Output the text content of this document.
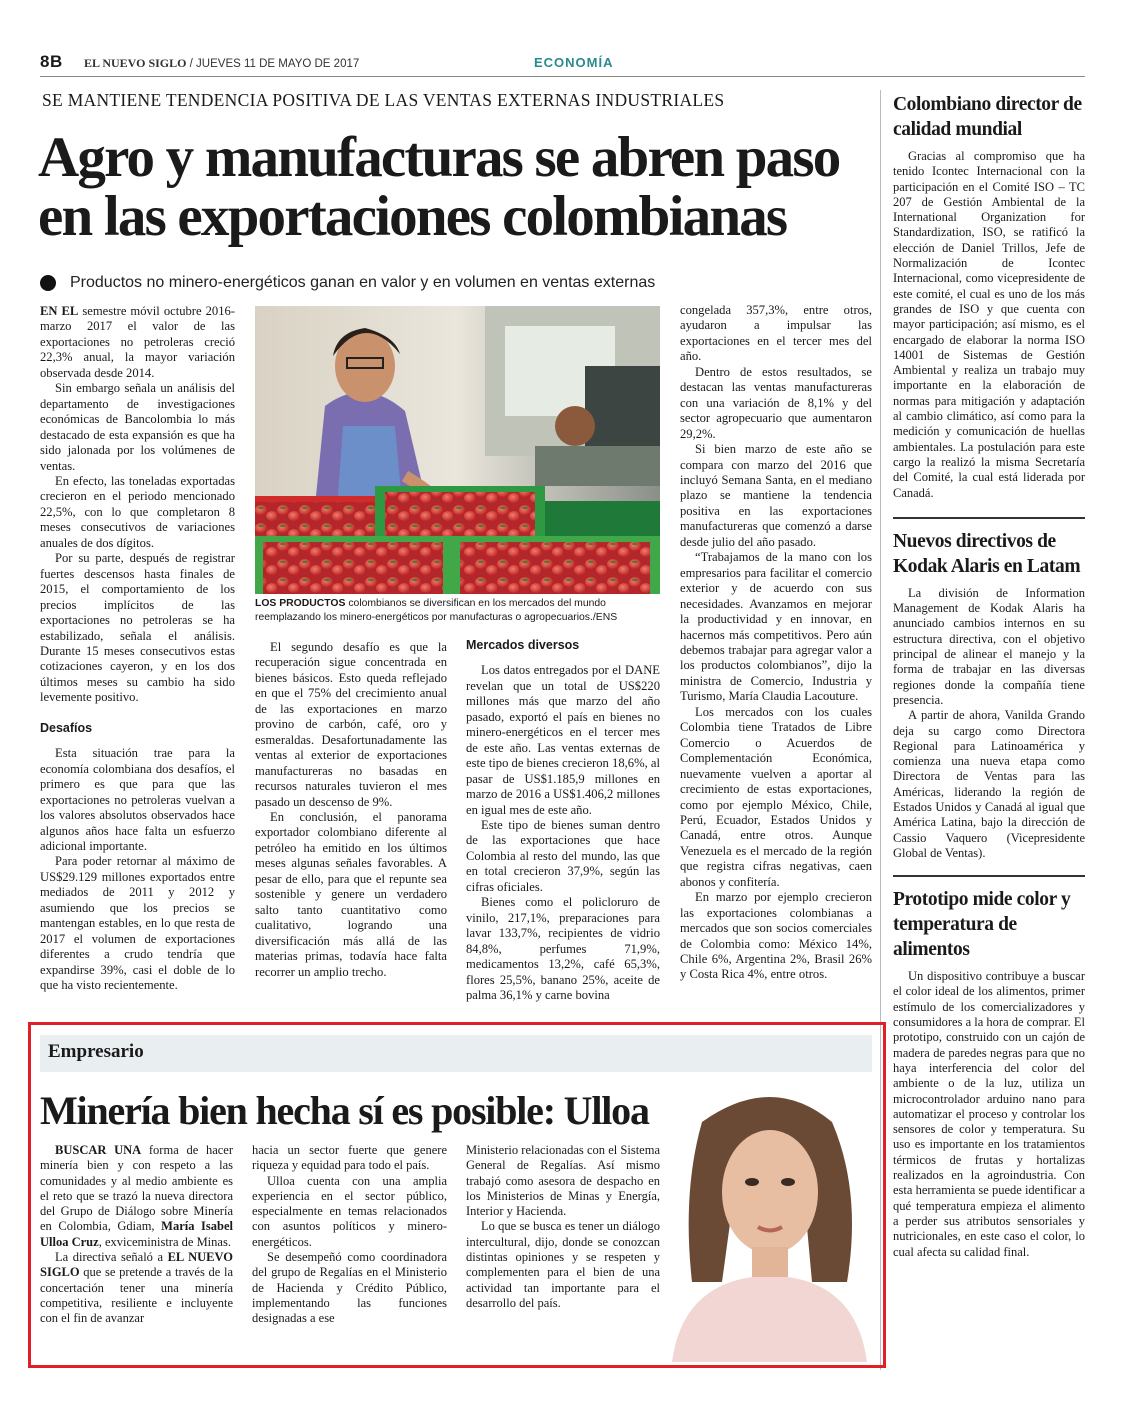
8B EL NUEVO SIGLO / JUEVES 11 DE MAYO DE 2017	ECONOMÍA
SE MANTIENE TENDENCIA POSITIVA DE LAS VENTAS EXTERNAS INDUSTRIALES
Agro y manufacturas se abren paso
en las exportaciones colombianas
Productos no minero-energéticos ganan en valor y en volumen en ventas externas

EN EL semestre móvil octubre 2016-marzo 2017 el valor de las exportaciones no petroleras creció 22,3% anual, la mayor variación observada desde 2014.

Sin embargo señala un análisis del departamento de investigaciones económicas de Bancolombia lo más destacado de esta expansión es que ha sido jalonada por los volúmenes de ventas.

En efecto, las toneladas exportadas crecieron en el periodo mencionado 22,5%, con lo que completaron 8 meses consecutivos de variaciones anuales de dos dígitos.

Por su parte, después de registrar fuertes descensos hasta finales de 2015, el comportamiento de los precios implícitos de las exportaciones no petroleras se ha estabilizado, señala el análisis. Durante 15 meses consecutivos estas cotizaciones cayeron, y en los dos últimos meses su cambio ha sido levemente positivo.

Desafíos

Esta situación trae para la economía colombiana dos desafíos, el primero es que para que las exportaciones no petroleras vuelvan a los valores absolutos observados hace algunos años hace falta un esfuerzo adicional importante.

Para poder retornar al máximo de US$29.129 millones exportados entre mediados de 2011 y 2012 y asumiendo que los precios se mantengan estables, en lo que resta de 2017 el volumen de exportaciones diferentes a crudo tendría que expandirse 39%, casi el doble de lo que ha visto recientemente.

LOS PRODUCTOS colombianos se diversifican en los mercados del mundo reemplazando los minero-energéticos por manufacturas o agropecuarios./ENS

El segundo desafío es que la recuperación sigue concentrada en bienes básicos. Esto queda reflejado en que el 75% del crecimiento anual de las exportaciones en marzo provino de carbón, café, oro y esmeraldas. Desafortunadamente las ventas al exterior de exportaciones manufactureras no basadas en recursos naturales tuvieron el mes pasado un descenso de 9%.

En conclusión, el panorama exportador colombiano diferente al petróleo ha emitido en los últimos meses algunas señales favorables. A pesar de ello, para que el repunte sea sostenible y genere un verdadero salto tanto cuantitativo como cualitativo, logrando una diversificación más allá de las materias primas, todavía hace falta recorrer un amplio trecho.

Mercados diversos

Los datos entregados por el DANE revelan que un total de US$220 millones más que marzo del año pasado, exportó el país en bienes no minero-energéticos en el tercer mes de este año. Las ventas externas de este tipo de bienes crecieron 18,6%, al pasar de US$1.185,9 millones en marzo de 2016 a US$1.406,2 millones en igual mes de este año.

Este tipo de bienes suman dentro de las exportaciones que hace Colombia al resto del mundo, las que en total crecieron 37,9%, según las cifras oficiales.

Bienes como el policloruro de vinilo, 217,1%, preparaciones para lavar 133,7%, recipientes de vidrio 84,8%, perfumes 71,9%, medicamentos 13,2%, café 65,3%, flores 25,5%, banano 25%, aceite de palma 36,1% y carne bovina

congelada 357,3%, entre otros, ayudaron a impulsar las exportaciones en el tercer mes del año.

Dentro de estos resultados, se destacan las ventas manufactureras con una variación de 8,1% y del sector agropecuario que aumentaron 29,2%.

Si bien marzo de este año se compara con marzo del 2016 que incluyó Semana Santa, en el mediano plazo se mantiene la tendencia positiva en las exportaciones manufactureras que comenzó a darse desde julio del año pasado.

“Trabajamos de la mano con los empresarios para facilitar el comercio exterior y de acuerdo con sus necesidades. Avanzamos en mejorar la productividad y en innovar, en hacernos más competitivos. Pero aún debemos trabajar para agregar valor a los productos colombianos”, dijo la ministra de Comercio, Industria y Turismo, María Claudia Lacouture.

Los mercados con los cuales Colombia tiene Tratados de Libre Comercio o Acuerdos de Complementación Económica, nuevamente vuelven a aportar al crecimiento de estas exportaciones, como por ejemplo México, Chile, Perú, Ecuador, Estados Unidos y Canadá, entre otros. Aunque Venezuela es el mercado de la región que registra cifras negativas, caen abonos y confitería.

En marzo por ejemplo crecieron las exportaciones colombianas a mercados que son socios comerciales de Colombia como: México 14%, Chile 6%, Argentina 2%, Brasil 26% y Costa Rica 4%, entre otros.

Colombiano director de calidad mundial

Gracias al compromiso que ha tenido Icontec Internacional con la participación en el Comité ISO – TC 207 de Gestión Ambiental de la International Organization for Standardization, ISO, se ratificó la elección de Daniel Trillos, Jefe de Normalización de Icontec Internacional, como vicepresidente de este comité, el cual es uno de los más grandes de ISO y que cuenta con mayor participación; así mismo, es el encargado de elaborar la norma ISO 14001 de Sistemas de Gestión Ambiental y realiza un trabajo muy importante en la elaboración de normas para mitigación y adaptación al cambio climático, así como para la medición y comunicación de huellas ambientales. La postulación para este cargo la realizó la misma Secretaría del Comité, la cual está liderada por Canadá.

Nuevos directivos de Kodak Alaris en Latam

La división de Information Management de Kodak Alaris ha anunciado cambios internos en su estructura directiva, con el objetivo principal de alinear el manejo y la forma de trabajar en las diversas regiones donde la compañía tiene presencia.

A partir de ahora, Vanilda Grando deja su cargo como Directora Regional para Latinoamérica y comienza una nueva etapa como Directora de Ventas para las Américas, liderando la región de Estados Unidos y Canadá al igual que América Latina, bajo la dirección de Cassio Vaquero (Vicepresidente Global de Ventas).

Prototipo mide color y temperatura de alimentos

Un dispositivo contribuye a buscar el color ideal de los alimentos, primer estímulo de los comercializadores y consumidores a la hora de comprar. El prototipo, construido con un cajón de madera de paredes negras para que no haya interferencia del color del ambiente o de la luz, utiliza un microcontrolador arduino nano para automatizar el proceso y controlar los sensores de color y temperatura. Su uso es importante en los tratamientos térmicos de frutas y hortalizas realizados en la agroindustria. Con esta herramienta se puede identificar a qué temperatura empieza el alimento a perder sus atributos sensoriales y nutricionales, en este caso el color, lo cual afecta su calidad final.

Empresario
Minería bien hecha sí es posible: Ulloa

BUSCAR UNA forma de hacer minería bien y con respeto a las comunidades y al medio ambiente es el reto que se trazó la nueva directora del Grupo de Diálogo sobre Minería en Colombia, Gdiam, María Isabel Ulloa Cruz, exviceministra de Minas.

La directiva señaló a EL NUEVO SIGLO que se pretende a través de la concertación tener una minería competitiva, resiliente e incluyente con el fin de avanzar

hacia un sector fuerte que genere riqueza y equidad para todo el país.

Ulloa cuenta con una amplia experiencia en el sector público, especialmente en temas relacionados con asuntos políticos y minero-energéticos.

Se desempeñó como coordinadora del grupo de Regalías en el Ministerio de Hacienda y Crédito Público, implementando las funciones designadas a ese

Ministerio relacionadas con el Sistema General de Regalías. Así mismo trabajó como asesora de despacho en los Ministerios de Minas y Energía, Interior y Hacienda.

Lo que se busca es tener un diálogo intercultural, dijo, donde se conozcan distintas opiniones y se respeten y complementen para el bien de una actividad tan importante para el desarrollo del país.
